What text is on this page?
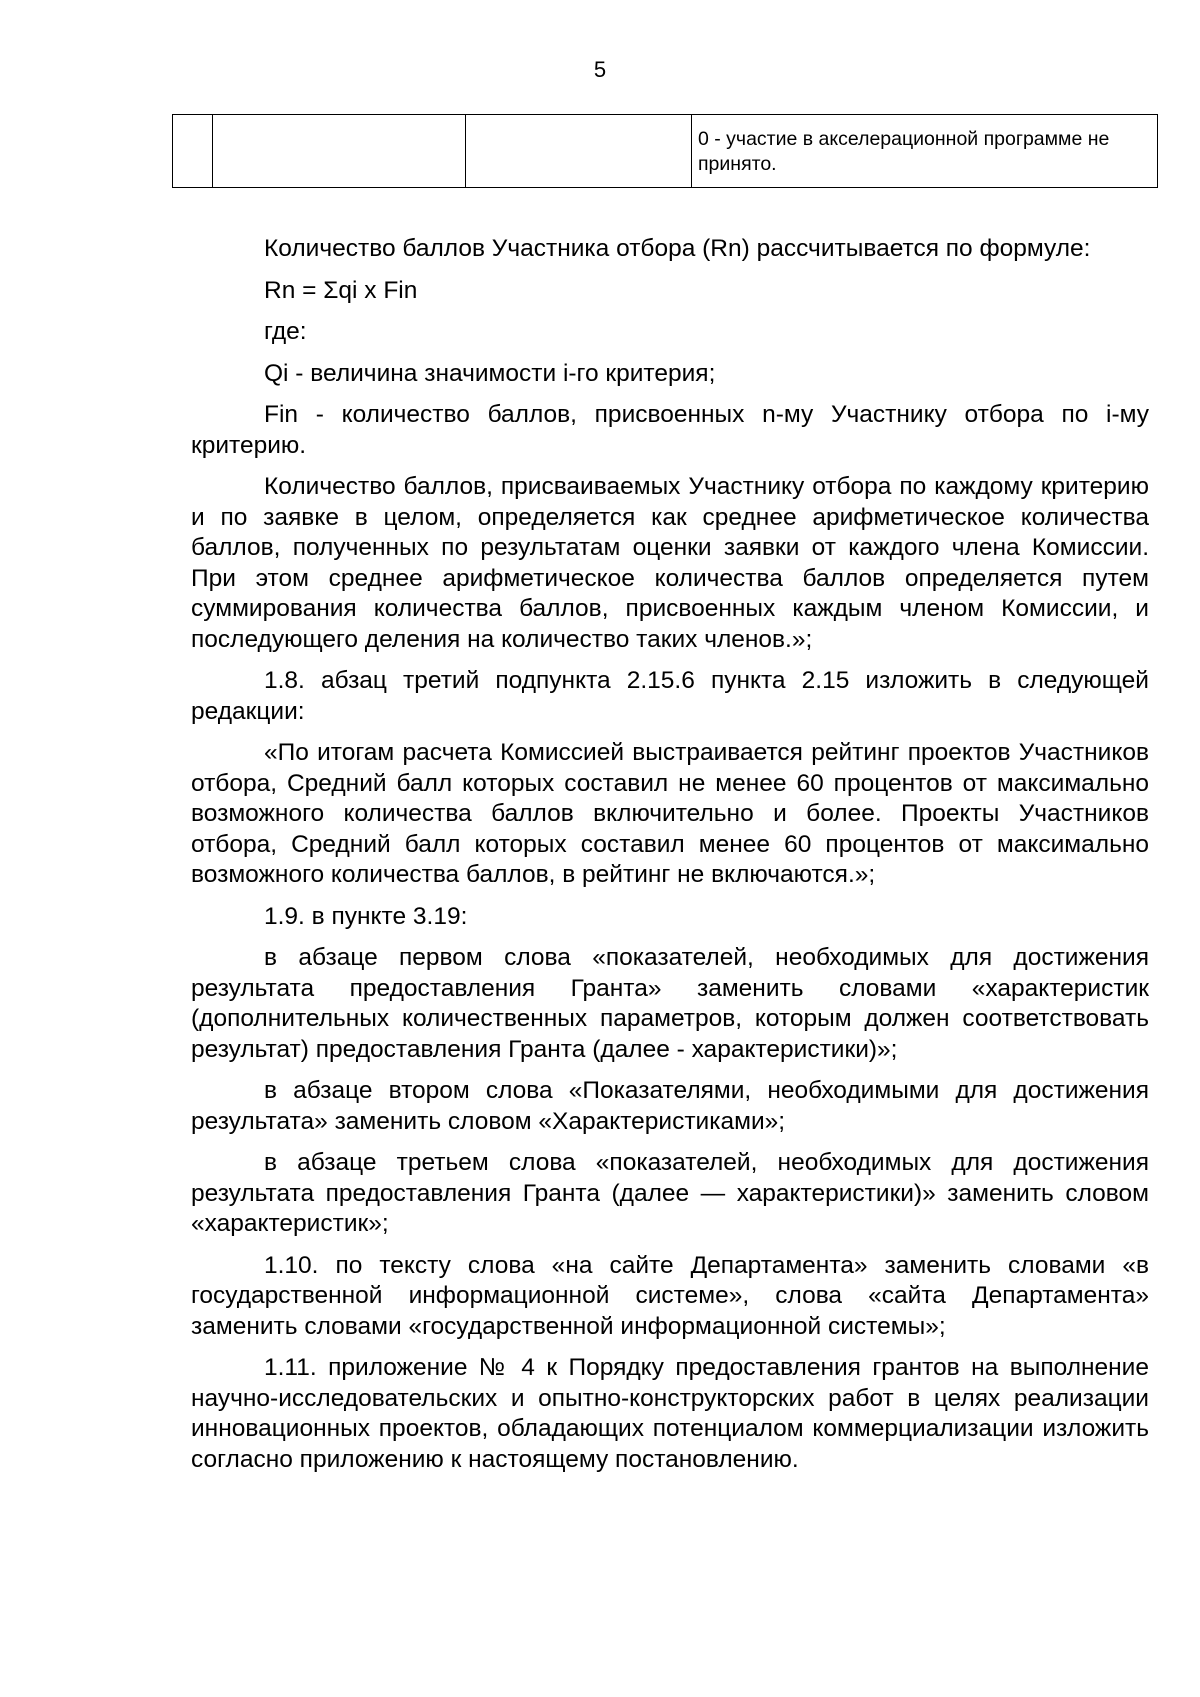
5
			0 - участие в акселерационной программе не принято.

Количество баллов Участника отбора (Rn) рассчитывается по формуле:

Rn = Σqi x Fin

где:

Qi - величина значимости i-го критерия;

Fin - количество баллов, присвоенных n-му Участнику отбора по i-му критерию.

Количество баллов, присваиваемых Участнику отбора по каждому критерию и по заявке в целом, определяется как среднее арифметическое количества баллов, полученных по результатам оценки заявки от каждого члена Комиссии. При этом среднее арифметическое количества баллов определяется путем суммирования количества баллов, присвоенных каждым членом Комиссии, и последующего деления на количество таких членов.»;

1.8. абзац третий подпункта 2.15.6 пункта 2.15 изложить в следующей редакции:

«По итогам расчета Комиссией выстраивается рейтинг проектов Участников отбора, Средний балл которых составил не менее 60 процентов от максимально возможного количества баллов включительно и более. Проекты Участников отбора, Средний балл которых составил менее 60 процентов от максимально возможного количества баллов, в рейтинг не включаются.»;

1.9. в пункте 3.19:

в абзаце первом слова «показателей, необходимых для достижения результата предоставления Гранта» заменить словами «характеристик (дополнительных количественных параметров, которым должен соответствовать результат) предоставления Гранта (далее - характеристики)»;

в абзаце втором слова «Показателями, необходимыми для достижения результата» заменить словом «Характеристиками»;

в абзаце третьем слова «показателей, необходимых для достижения результата предоставления Гранта (далее — характеристики)» заменить словом «характеристик»;

1.10. по тексту слова «на сайте Департамента» заменить словами «в государственной информационной системе», слова «сайта Департамента» заменить словами «государственной информационной системы»;

1.11. приложение № 4 к Порядку предоставления грантов на выполнение научно-исследовательских и опытно-конструкторских работ в целях реализации инновационных проектов, обладающих потенциалом коммерциализации изложить согласно приложению к настоящему постановлению.
